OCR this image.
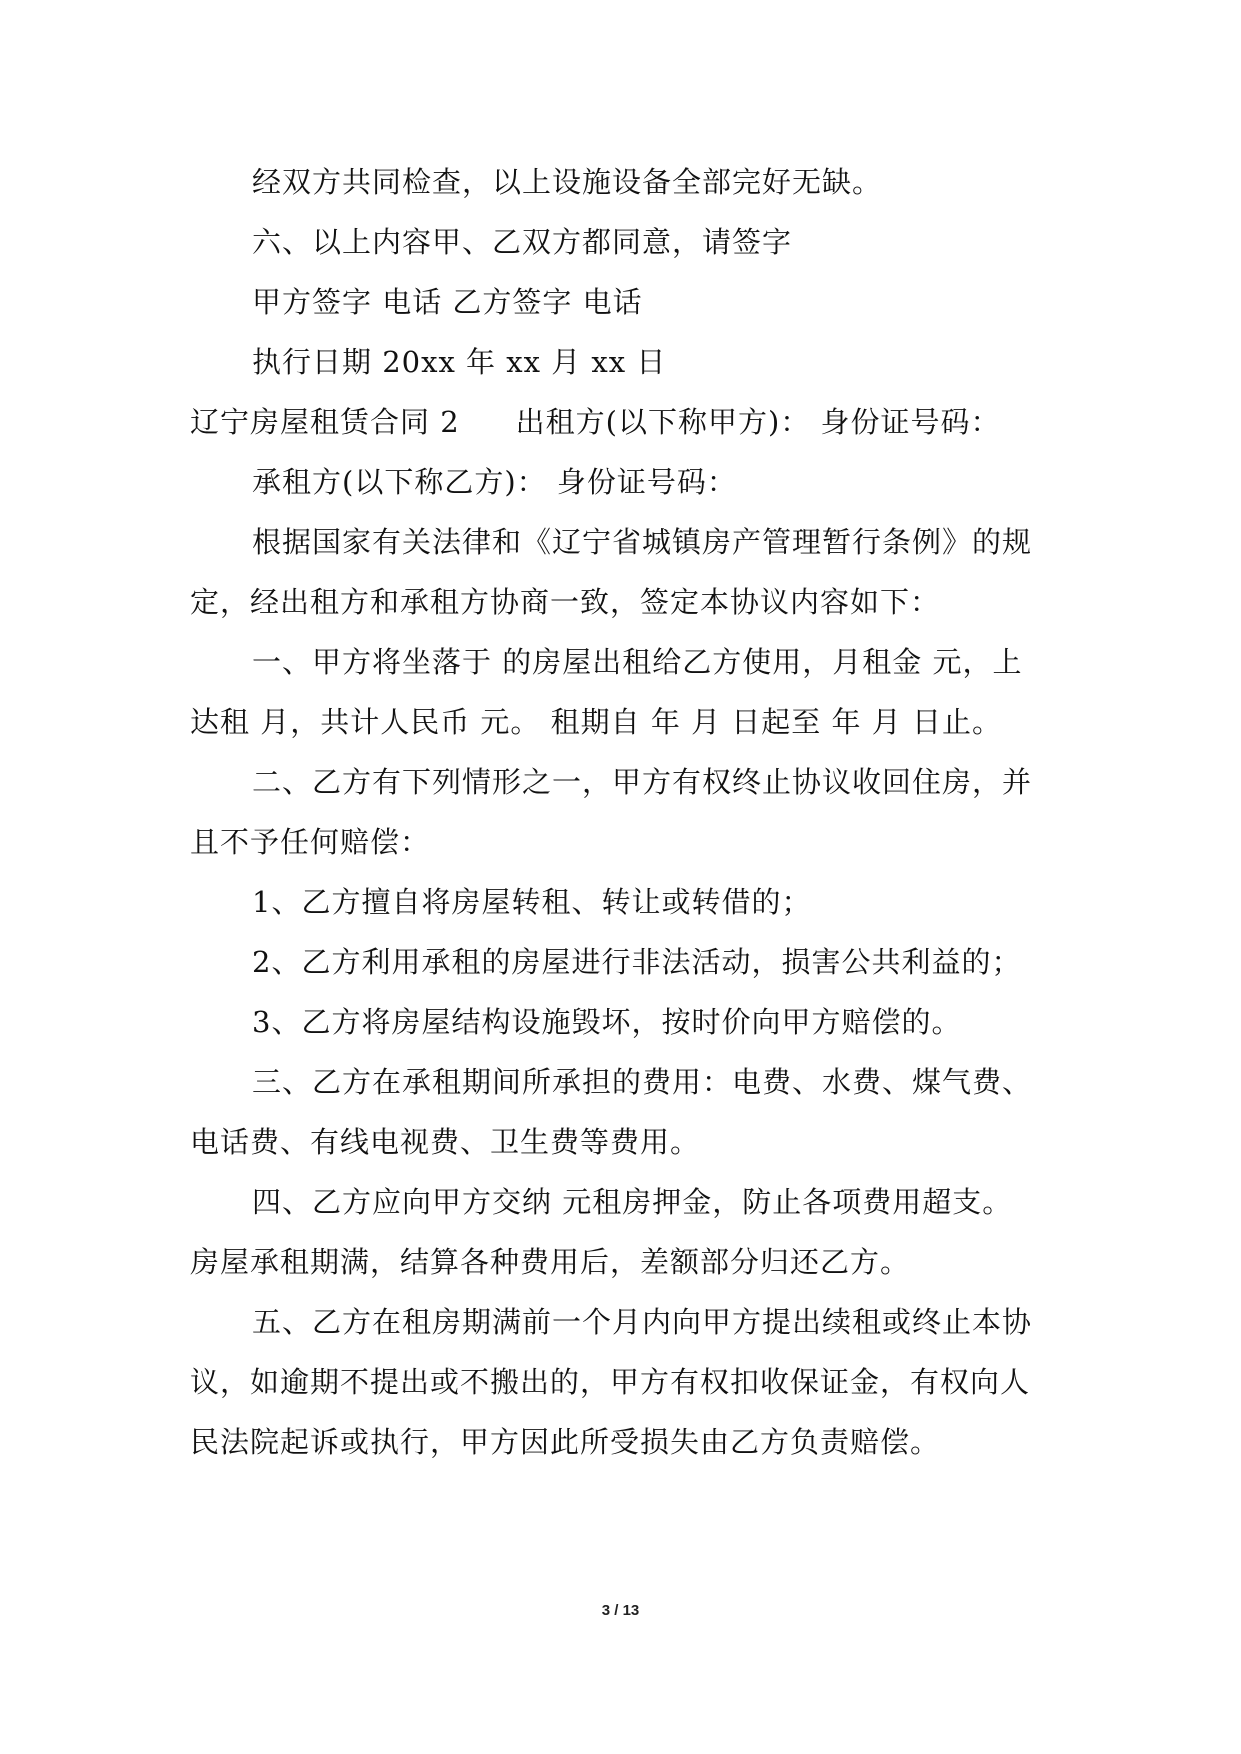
经双方共同检查，以上设施设备全部完好无缺。
六、以上内容甲、乙双方都同意，请签字
甲方签字 电话 乙方签字 电话
执行日期 20xx 年 xx 月 xx 日
辽宁房屋租赁合同 2 出租方(以下称甲方)： 身份证号码：
承租方(以下称乙方)： 身份证号码：
根据国家有关法律和《辽宁省城镇房产管理暂行条例》的规
定，经出租方和承租方协商一致，签定本协议内容如下：
一、甲方将坐落于 的房屋出租给乙方使用，月租金 元，上
达租 月，共计人民币 元。 租期自 年 月 日起至 年 月 日止。
二、乙方有下列情形之一，甲方有权终止协议收回住房，并
且不予任何赔偿：
1、乙方擅自将房屋转租、转让或转借的；
2、乙方利用承租的房屋进行非法活动，损害公共利益的；
3、乙方将房屋结构设施毁坏，按时价向甲方赔偿的。
三、乙方在承租期间所承担的费用：电费、水费、煤气费、
电话费、有线电视费、卫生费等费用。
四、乙方应向甲方交纳 元租房押金，防止各项费用超支。
房屋承租期满，结算各种费用后，差额部分归还乙方。
五、乙方在租房期满前一个月内向甲方提出续租或终止本协
议，如逾期不提出或不搬出的，甲方有权扣收保证金，有权向人
民法院起诉或执行，甲方因此所受损失由乙方负责赔偿。
3 / 13
